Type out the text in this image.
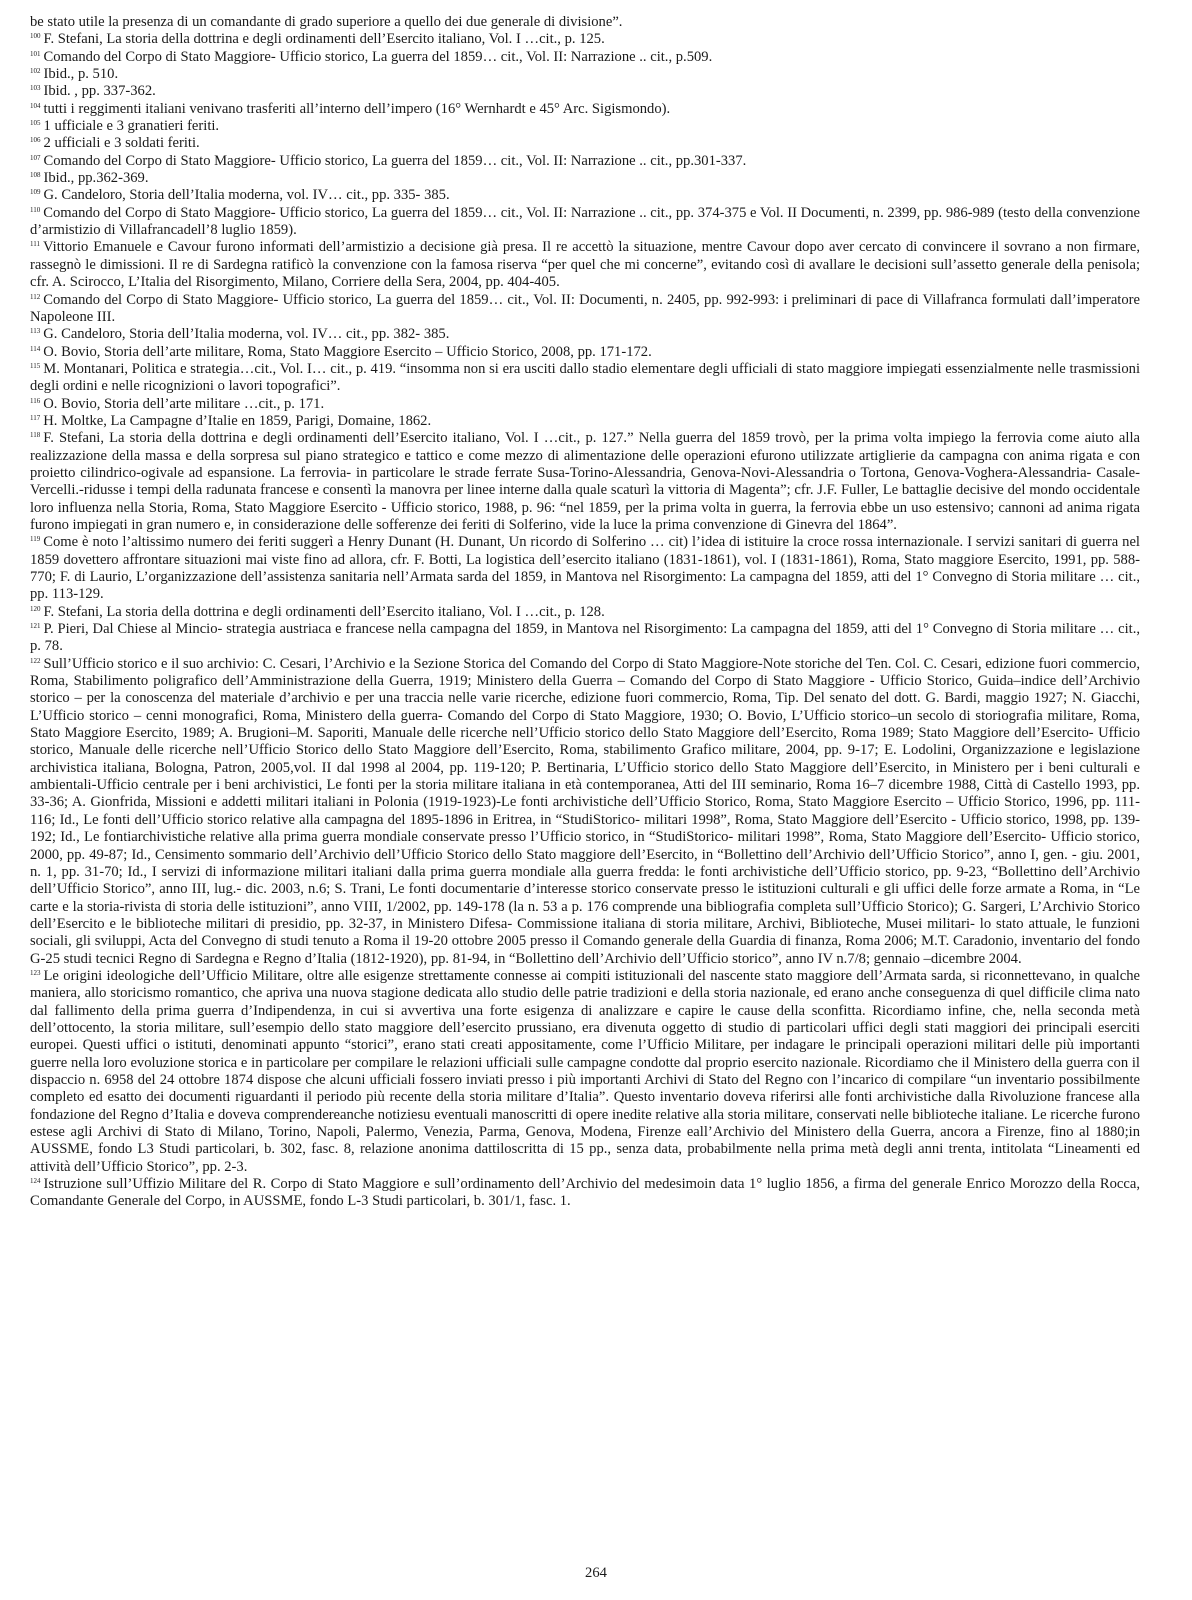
be stato utile la presenza di un comandante di grado superiore a quello dei due generale di divisione”.

$^{100}$ F. Stefani, La storia della dottrina e degli ordinamenti dell’Esercito italiano, Vol. I …cit., p. 125.

$^{101}$ Comando del Corpo di Stato Maggiore- Ufficio storico, La guerra del 1859… cit., Vol. II: Narrazione .. cit., p.509.

$^{102}$ Ibid., p. 510.

$^{103}$ Ibid. , pp. 337-362.

$^{104}$ tutti i reggimenti italiani venivano trasferiti all’interno dell’impero (16° Wernhardt e 45° Arc. Sigismondo).

$^{105}$ 1 ufficiale e 3 granatieri feriti.

$^{106}$ 2 ufficiali e 3 soldati feriti.

$^{107}$ Comando del Corpo di Stato Maggiore- Ufficio storico, La guerra del 1859… cit., Vol. II: Narrazione .. cit., pp.301-337.

$^{108}$ Ibid., pp.362-369.

$^{109}$ G. Candeloro, Storia dell’Italia moderna, vol. IV… cit., pp. 335- 385.

$^{110}$ Comando del Corpo di Stato Maggiore- Ufficio storico, La guerra del 1859… cit., Vol. II: Narrazione .. cit., pp. 374-375 e Vol. II Documenti, n. 2399, pp. 986-989 (testo della convenzione d’armistizio di Villafrancadell’8 luglio 1859).

$^{111}$ Vittorio Emanuele e Cavour furono informati dell’armistizio a decisione già presa. Il re accettò la situazione, mentre Cavour dopo aver cercato di convincere il sovrano a non firmare, rassegnò le dimissioni. Il re di Sardegna ratificò la convenzione con la famosa riserva “per quel che mi concerne”, evitando così di avallare le decisioni sull’assetto generale della penisola; cfr. A. Scirocco, L’Italia del Risorgimento, Milano, Corriere della Sera, 2004, pp. 404-405.

$^{112}$ Comando del Corpo di Stato Maggiore- Ufficio storico, La guerra del 1859… cit., Vol. II: Documenti, n. 2405, pp. 992-993: i preliminari di pace di Villafranca formulati dall’imperatore Napoleone III.

$^{113}$ G. Candeloro, Storia dell’Italia moderna, vol. IV… cit., pp. 382- 385.

$^{114}$ O. Bovio, Storia dell’arte militare, Roma, Stato Maggiore Esercito – Ufficio Storico, 2008, pp. 171-172.

$^{115}$ M. Montanari, Politica e strategia…cit., Vol. I… cit., p. 419. “insomma non si era usciti dallo stadio elementare degli ufficiali di stato maggiore impiegati essenzialmente nelle trasmissioni degli ordini e nelle ricognizioni o lavori topografici”.

$^{116}$ O. Bovio, Storia dell’arte militare …cit., p. 171.

$^{117}$ H. Moltke, La Campagne d’Italie en 1859, Parigi, Domaine, 1862.

$^{118}$ F. Stefani, La storia della dottrina e degli ordinamenti dell’Esercito italiano, Vol. I …cit., p. 127.” Nella guerra del 1859 trovò, per la prima volta impiego la ferrovia come aiuto alla realizzazione della massa e della sorpresa sul piano strategico e tattico e come mezzo di alimentazione delle operazioni efurono utilizzate artiglierie da campagna con anima rigata e con proietto cilindrico-ogivale ad espansione. La ferrovia- in particolare le strade ferrate Susa-Torino-Alessandria, Genova-Novi-Alessandria o Tortona, Genova-Voghera-Alessandria- Casale-Vercelli.-ridusse i tempi della radunata francese e consentì la manovra per linee interne dalla quale scaturì la vittoria di Magenta”; cfr. J.F. Fuller, Le battaglie decisive del mondo occidentale loro influenza nella Storia, Roma, Stato Maggiore Esercito - Ufficio storico, 1988, p. 96: “nel 1859, per la prima volta in guerra, la ferrovia ebbe un uso estensivo; cannoni ad anima rigata furono impiegati in gran numero e, in considerazione delle sofferenze dei feriti di Solferino, vide la luce la prima convenzione di Ginevra del 1864”.

$^{119}$ Come è noto l’altissimo numero dei feriti suggerì a Henry Dunant (H. Dunant, Un ricordo di Solferino … cit) l’idea di istituire la croce rossa internazionale. I servizi sanitari di guerra nel 1859 dovettero affrontare situazioni mai viste fino ad allora, cfr. F. Botti, La logistica dell’esercito italiano (1831-1861), vol. I (1831-1861), Roma, Stato maggiore Esercito, 1991, pp. 588-770; F. di Laurio, L’organizzazione dell’assistenza sanitaria nell’Armata sarda del 1859, in Mantova nel Risorgimento: La campagna del 1859, atti del 1° Convegno di Storia militare … cit., pp. 113-129.

$^{120}$ F. Stefani, La storia della dottrina e degli ordinamenti dell’Esercito italiano, Vol. I …cit., p. 128.

$^{121}$ P. Pieri, Dal Chiese al Mincio- strategia austriaca e francese nella campagna del 1859, in Mantova nel Risorgimento: La campagna del 1859, atti del 1° Convegno di Storia militare … cit., p. 78.

$^{122}$ Sull’Ufficio storico e il suo archivio: C. Cesari, l’Archivio e la Sezione Storica del Comando del Corpo di Stato Maggiore-Note storiche del Ten. Col. C. Cesari, edizione fuori commercio, Roma, Stabilimento poligrafico dell’Amministrazione della Guerra, 1919; Ministero della Guerra – Comando del Corpo di Stato Maggiore - Ufficio Storico, Guida–indice dell’Archivio storico – per la conoscenza del materiale d’archivio e per una traccia nelle varie ricerche, edizione fuori commercio, Roma, Tip. Del senato del dott. G. Bardi, maggio 1927; N. Giacchi, L’Ufficio storico – cenni monografici, Roma, Ministero della guerra- Comando del Corpo di Stato Maggiore, 1930; O. Bovio, L’Ufficio storico–un secolo di storiografia militare, Roma, Stato Maggiore Esercito, 1989; A. Brugioni–M. Saporiti, Manuale delle ricerche nell’Ufficio storico dello Stato Maggiore dell’Esercito, Roma 1989; Stato Maggiore dell’Esercito- Ufficio storico, Manuale delle ricerche nell’Ufficio Storico dello Stato Maggiore dell’Esercito, Roma, stabilimento Grafico militare, 2004, pp. 9-17; E. Lodolini, Organizzazione e legislazione archivistica italiana, Bologna, Patron, 2005,vol. II dal 1998 al 2004, pp. 119-120; P. Bertinaria, L’Ufficio storico dello Stato Maggiore dell’Esercito, in Ministero per i beni culturali e ambientali-Ufficio centrale per i beni archivistici, Le fonti per la storia militare italiana in età contemporanea, Atti del III seminario, Roma 16–7 dicembre 1988, Città di Castello 1993, pp. 33-36; A. Gionfrida, Missioni e addetti militari italiani in Polonia (1919-1923)-Le fonti archivistiche dell’Ufficio Storico, Roma, Stato Maggiore Esercito – Ufficio Storico, 1996, pp. 111-116; Id., Le fonti dell’Ufficio storico relative alla campagna del 1895-1896 in Eritrea, in “StudiStorico- militari 1998”, Roma, Stato Maggiore dell’Esercito - Ufficio storico, 1998, pp. 139-192; Id., Le fontiarchivistiche relative alla prima guerra mondiale conservate presso l’Ufficio storico, in “StudiStorico- militari 1998”, Roma, Stato Maggiore dell’Esercito- Ufficio storico, 2000, pp. 49-87; Id., Censimento sommario dell’Archivio dell’Ufficio Storico dello Stato maggiore dell’Esercito, in “Bollettino dell’Archivio dell’Ufficio Storico”, anno I, gen. - giu. 2001, n. 1, pp. 31-70; Id., I servizi di informazione militari italiani dalla prima guerra mondiale alla guerra fredda: le fonti archivistiche dell’Ufficio storico, pp. 9-23, “Bollettino dell’Archivio dell’Ufficio Storico”, anno III, lug.- dic. 2003, n.6; S. Trani, Le fonti documentarie d’interesse storico conservate presso le istituzioni culturali e gli uffici delle forze armate a Roma, in “Le carte e la storia-rivista di storia delle istituzioni”, anno VIII, 1/2002, pp. 149-178 (la n. 53 a p. 176 comprende una bibliografia completa sull’Ufficio Storico); G. Sargeri, L’Archivio Storico dell’Esercito e le biblioteche militari di presidio, pp. 32-37, in Ministero Difesa- Commissione italiana di storia militare, Archivi, Biblioteche, Musei militari- lo stato attuale, le funzioni sociali, gli sviluppi, Acta del Convegno di studi tenuto a Roma il 19-20 ottobre 2005 presso il Comando generale della Guardia di finanza, Roma 2006; M.T. Caradonio, inventario del fondo G-25 studi tecnici Regno di Sardegna e Regno d’Italia (1812-1920), pp. 81-94, in “Bollettino dell’Archivio dell’Ufficio storico”, anno IV n.7/8; gennaio –dicembre 2004.

$^{123}$ Le origini ideologiche dell’Ufficio Militare, oltre alle esigenze strettamente connesse ai compiti istituzionali del nascente stato maggiore dell’Armata sarda, si riconnettevano, in qualche maniera, allo storicismo romantico, che apriva una nuova stagione dedicata allo studio delle patrie tradizioni e della storia nazionale, ed erano anche conseguenza di quel difficile clima nato dal fallimento della prima guerra d’Indipendenza, in cui si avvertiva una forte esigenza di analizzare e capire le cause della sconfitta. Ricordiamo infine, che, nella seconda metà dell’ottocento, la storia militare, sull’esempio dello stato maggiore dell’esercito prussiano, era divenuta oggetto di studio di particolari uffici degli stati maggiori dei principali eserciti europei. Questi uffici o istituti, denominati appunto “storici”, erano stati creati appositamente, come l’Ufficio Militare, per indagare le principali operazioni militari delle più importanti guerre nella loro evoluzione storica e in particolare per compilare le relazioni ufficiali sulle campagne condotte dal proprio esercito nazionale. Ricordiamo che il Ministero della guerra con il dispaccio n. 6958 del 24 ottobre 1874 dispose che alcuni ufficiali fossero inviati presso i più importanti Archivi di Stato del Regno con l’incarico di compilare “un inventario possibilmente completo ed esatto dei documenti riguardanti il periodo più recente della storia militare d’Italia”. Questo inventario doveva riferirsi alle fonti archivistiche dalla Rivoluzione francese alla fondazione del Regno d’Italia e doveva comprendereanche notiziesu eventuali manoscritti di opere inedite relative alla storia militare, conservati nelle biblioteche italiane. Le ricerche furono estese agli Archivi di Stato di Milano, Torino, Napoli, Palermo, Venezia, Parma, Genova, Modena, Firenze eall’Archivio del Ministero della Guerra, ancora a Firenze, fino al 1880;in AUSSME, fondo L3 Studi particolari, b. 302, fasc. 8, relazione anonima dattiloscritta di 15 pp., senza data, probabilmente nella prima metà degli anni trenta, intitolata “Lineamenti ed attività dell’Ufficio Storico”, pp. 2-3.

$^{124}$ Istruzione sull’Uffizio Militare del R. Corpo di Stato Maggiore e sull’ordinamento dell’Archivio del medesimoin data 1° luglio 1856, a firma del generale Enrico Morozzo della Rocca, Comandante Generale del Corpo, in AUSSME, fondo L-3 Studi particolari, b. 301/1, fasc. 1.

264
